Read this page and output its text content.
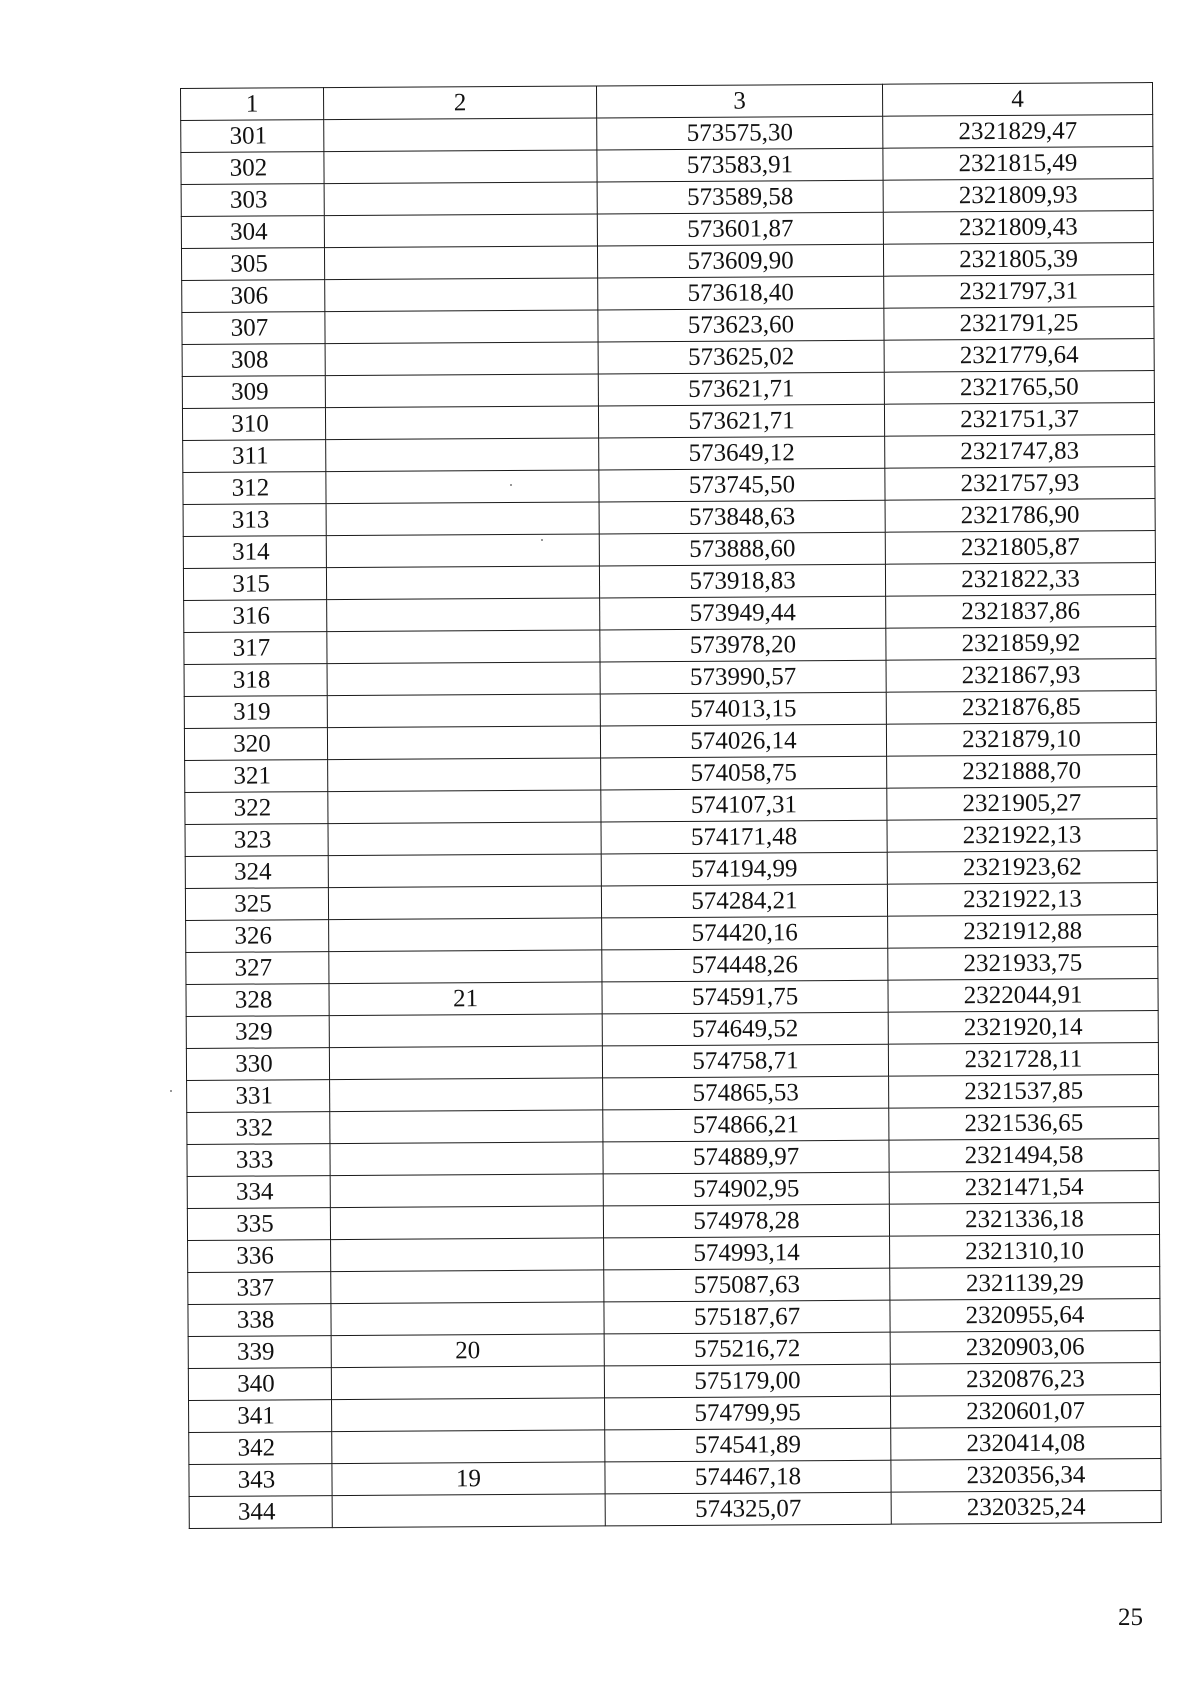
1	2	3	4
301		573575,30	2321829,47
302		573583,91	2321815,49
303		573589,58	2321809,93
304		573601,87	2321809,43
305		573609,90	2321805,39
306		573618,40	2321797,31
307		573623,60	2321791,25
308		573625,02	2321779,64
309		573621,71	2321765,50
310		573621,71	2321751,37
311		573649,12	2321747,83
312		573745,50	2321757,93
313		573848,63	2321786,90
314		573888,60	2321805,87
315		573918,83	2321822,33
316		573949,44	2321837,86
317		573978,20	2321859,92
318		573990,57	2321867,93
319		574013,15	2321876,85
320		574026,14	2321879,10
321		574058,75	2321888,70
322		574107,31	2321905,27
323		574171,48	2321922,13
324		574194,99	2321923,62
325		574284,21	2321922,13
326		574420,16	2321912,88
327		574448,26	2321933,75
328	21	574591,75	2322044,91
329		574649,52	2321920,14
330		574758,71	2321728,11
331		574865,53	2321537,85
332		574866,21	2321536,65
333		574889,97	2321494,58
334		574902,95	2321471,54
335		574978,28	2321336,18
336		574993,14	2321310,10
337		575087,63	2321139,29
338		575187,67	2320955,64
339	20	575216,72	2320903,06
340		575179,00	2320876,23
341		574799,95	2320601,07
342		574541,89	2320414,08
343	19	574467,18	2320356,34
344		574325,07	2320325,24
25
